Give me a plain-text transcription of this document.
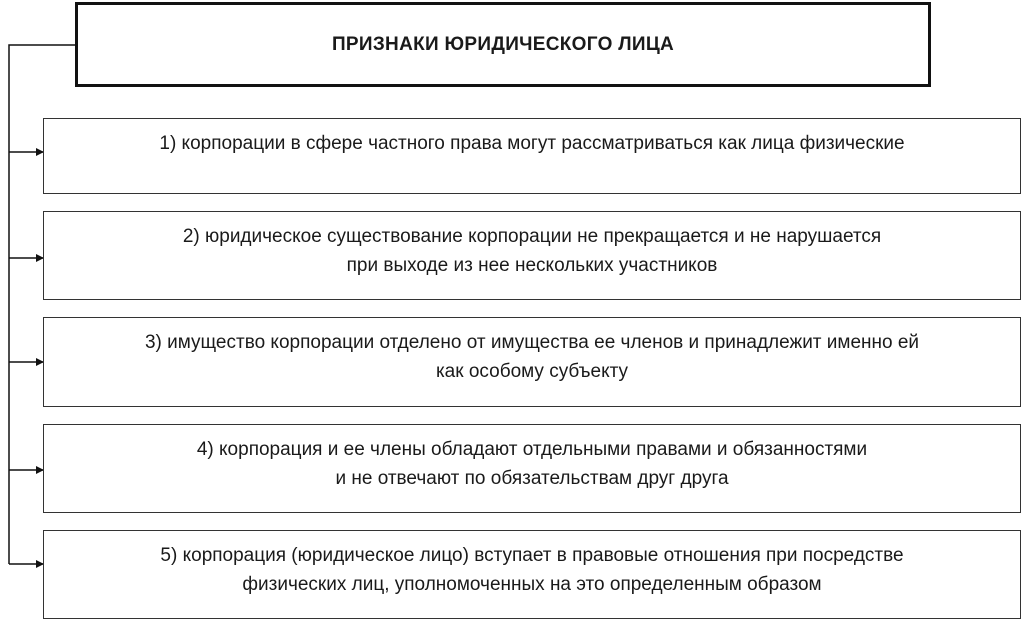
ПРИЗНАКИ ЮРИДИЧЕСКОГО ЛИЦА
1) корпорации в сфере частного права могут рассматриваться как лица физические
2) юридическое существование корпорации не прекращается и не нарушается
при выходе из нее нескольких участников
3) имущество корпорации отделено от имущества ее членов и принадлежит именно ей
как особому субъекту
4) корпорация и ее члены обладают отдельными правами и обязанностями
и не отвечают по обязательствам друг друга
5) корпорация (юридическое лицо) вступает в правовые отношения при посредстве
физических лиц, уполномоченных на это определенным образом
